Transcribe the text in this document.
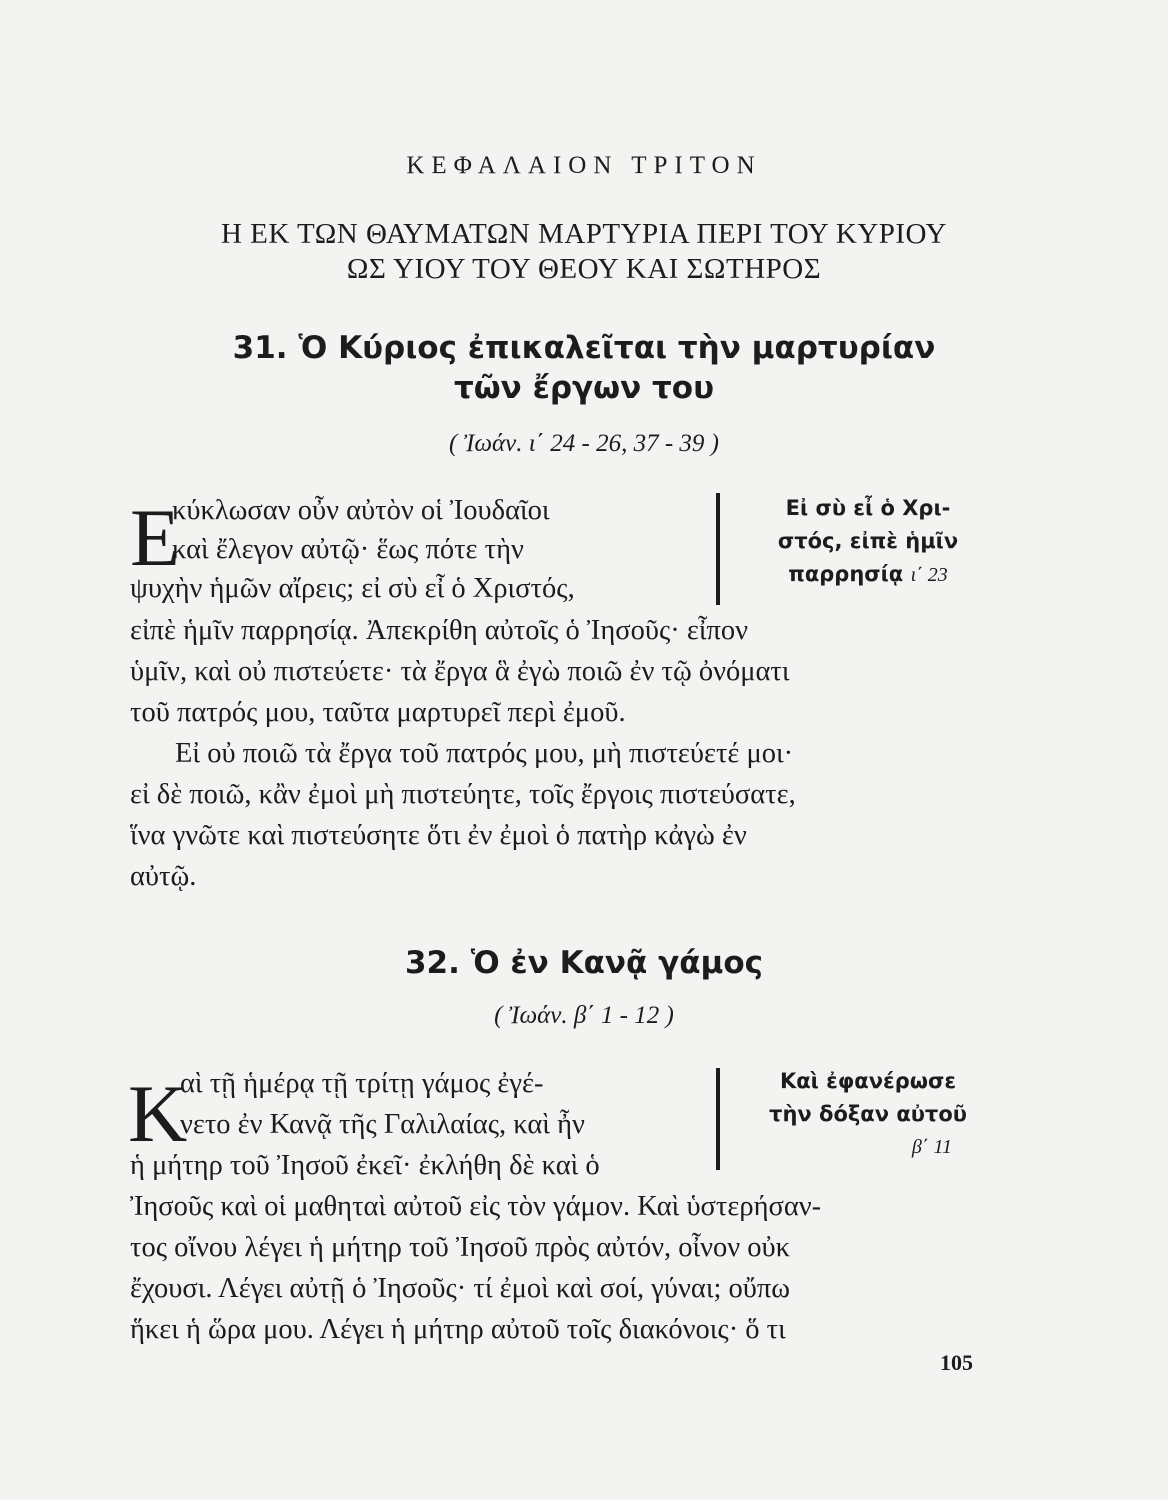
ΚΕΦΑΛΑΙΟΝ ΤΡΙΤΟΝ
Η ΕΚ ΤΩΝ ΘΑΥΜΑΤΩΝ ΜΑΡΤΥΡΙΑ ΠΕΡΙ ΤΟΥ ΚΥΡΙΟΥ
ΩΣ ΥΙΟΥ ΤΟΥ ΘΕΟΥ ΚΑΙ ΣΩΤΗΡΟΣ
31. Ὁ Κύριος ἐπικαλεῖται τὴν μαρτυρίαν
τῶν ἔργων του
( Ἰωάν. ι΄ 24 - 26, 37 - 39 )
Ε
κύκλωσαν οὖν αὐτὸν οἱ Ἰουδαῖοι
καὶ ἔλεγον αὐτῷ· ἕως πότε τὴν
ψυχὴν ἡμῶν αἴρεις; εἰ σὺ εἶ ὁ Χριστός,
εἰπὲ ἡμῖν παρρησίᾳ. Ἀπεκρίθη αὐτοῖς ὁ Ἰησοῦς· εἶπον
ὑμῖν, καὶ οὐ πιστεύετε· τὰ ἔργα ἃ ἐγὼ ποιῶ ἐν τῷ ὀνόματι
τοῦ πατρός μου, ταῦτα μαρτυρεῖ περὶ ἐμοῦ.
Εἰ οὐ ποιῶ τὰ ἔργα τοῦ πατρός μου, μὴ πιστεύετέ μοι·
εἰ δὲ ποιῶ, κἂν ἐμοὶ μὴ πιστεύητε, τοῖς ἔργοις πιστεύσατε,
ἵνα γνῶτε καὶ πιστεύσητε ὅτι ἐν ἐμοὶ ὁ πατὴρ κἀγὼ ἐν
αὐτῷ.
Εἰ σὺ εἶ ὁ Χρι-
στός, εἰπὲ ἡμῖν
παρρησίᾳ ι΄ 23
32. Ὁ ἐν Κανᾷ γάμος
( Ἰωάν. β΄ 1 - 12 )
Κ
αὶ τῇ ἡμέρᾳ τῇ τρίτῃ γάμος ἐγέ-
νετο ἐν Κανᾷ τῆς Γαλιλαίας, καὶ ἦν
ἡ μήτηρ τοῦ Ἰησοῦ ἐκεῖ· ἐκλήθη δὲ καὶ ὁ
Ἰησοῦς καὶ οἱ μαθηταὶ αὐτοῦ εἰς τὸν γάμον. Καὶ ὑστερήσαν-
τος οἴνου λέγει ἡ μήτηρ τοῦ Ἰησοῦ πρὸς αὐτόν, οἶνον οὐκ
ἔχουσι. Λέγει αὐτῇ ὁ Ἰησοῦς· τί ἐμοὶ καὶ σοί, γύναι; οὔπω
ἥκει ἡ ὥρα μου. Λέγει ἡ μήτηρ αὐτοῦ τοῖς διακόνοις· ὅ τι
Καὶ ἐφανέρωσε
τὴν δόξαν αὐτοῦ
β΄ 11
105
